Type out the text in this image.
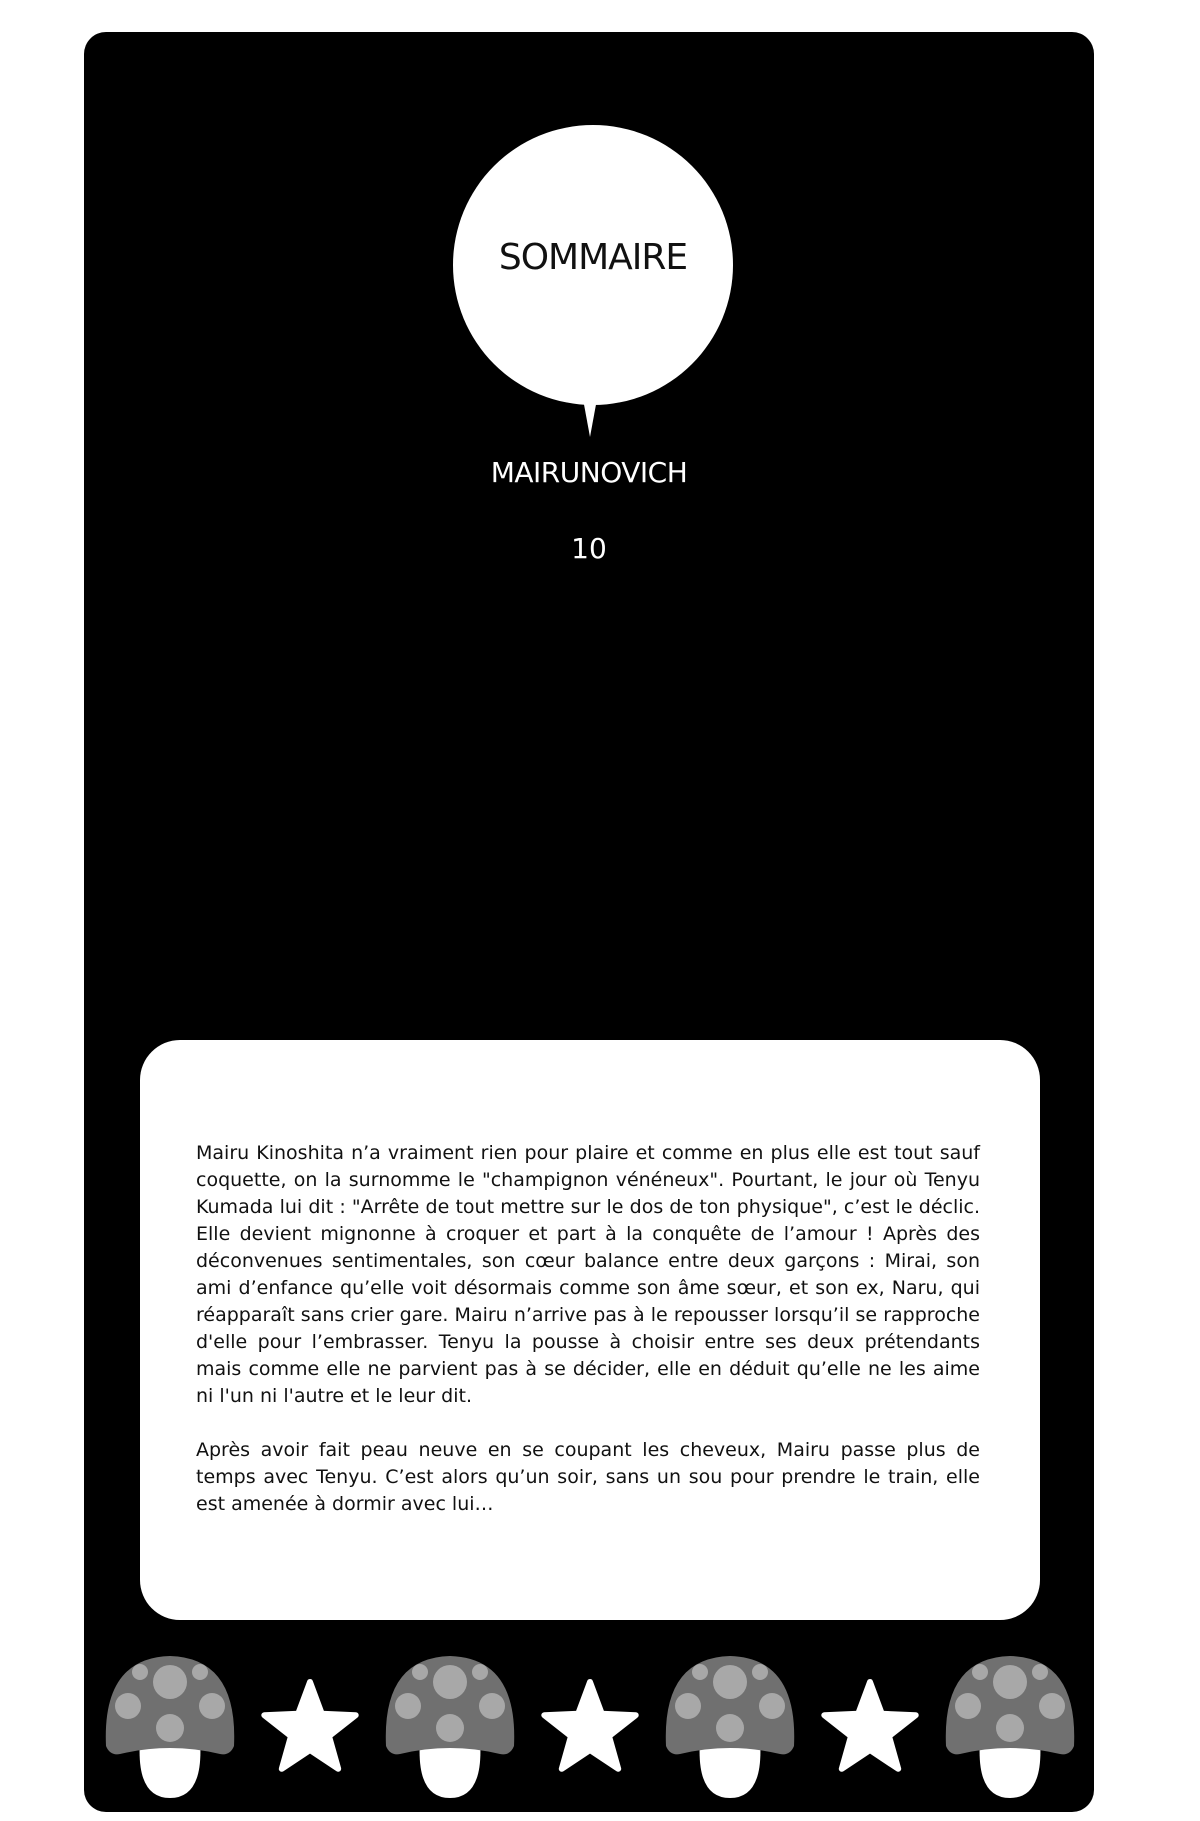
SOMMAIRE
MAIRUNOVICH
10

Mairu Kinoshita n’a vraiment rien pour plaire et comme en plus elle est tout sauf coquette, on la surnomme le "champignon vénéneux". Pourtant, le jour où Tenyu Kumada lui dit : "Arrête de tout mettre sur le dos de ton physique", c’est le déclic. Elle devient mignonne à croquer et part à la conquête de l’amour ! Après des déconvenues sentimentales, son cœur balance entre deux garçons : Mirai, son ami d’enfance qu’elle voit désormais comme son âme sœur, et son ex, Naru, qui réapparaît sans crier gare. Mairu n’arrive pas à le repousser lorsqu’il se rapproche d'elle pour l’embrasser. Tenyu la pousse à choisir entre ses deux prétendants mais comme elle ne parvient pas à se décider, elle en déduit qu’elle ne les aime ni l'un ni l'autre et le leur dit.

Après avoir fait peau neuve en se coupant les cheveux, Mairu passe plus de temps avec Tenyu. C’est alors qu’un soir, sans un sou pour prendre le train, elle est amenée à dormir avec lui…
